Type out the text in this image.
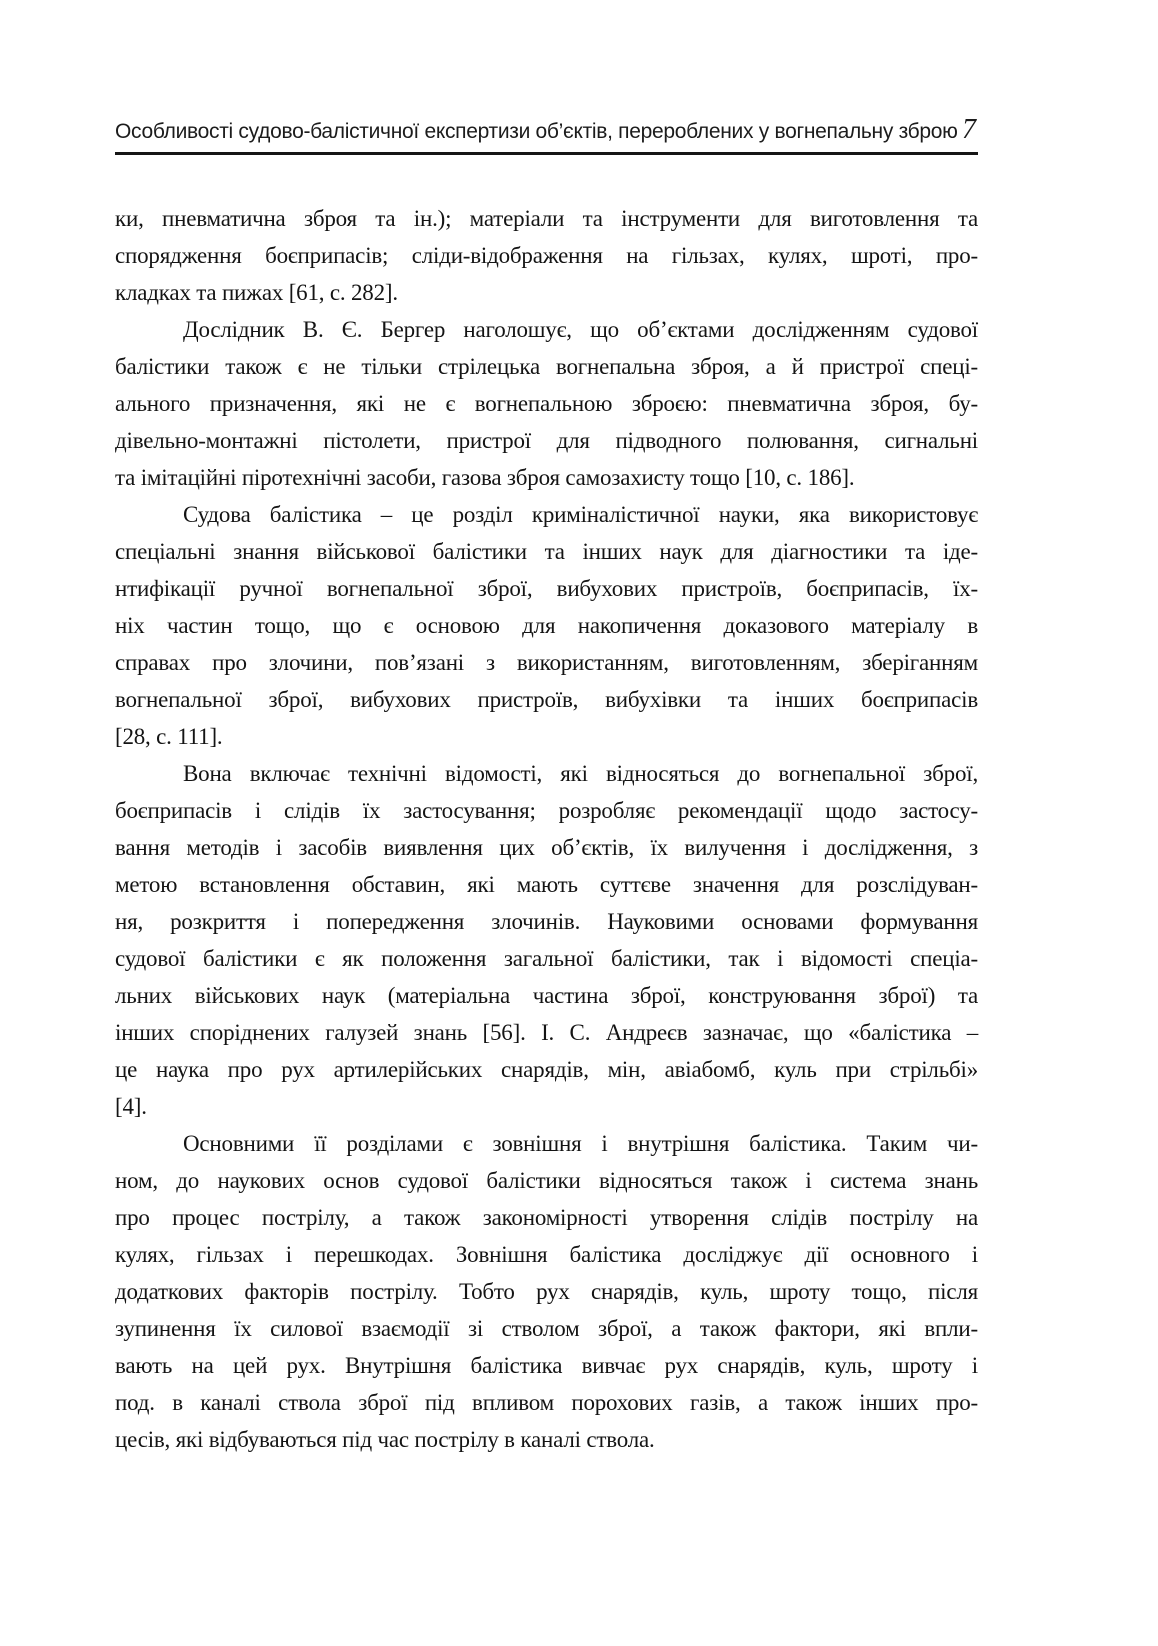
Особливості судово-балістичної експертизи об’єктів, перероблених у вогнепальну зброю 7
ки, пневматична зброя та ін.); матеріали та інструменти для виготовлення та
спорядження боєприпасів; сліди-відображення на гільзах, кулях, шроті, про-
кладках та пижах [61, с. 282].
Дослідник В. Є. Бергер наголошує, що об’єктами дослідженням судової
балістики також є не тільки стрілецька вогнепальна зброя, а й пристрої спеці-
ального призначення, які не є вогнепальною зброєю: пневматична зброя, бу-
дівельно-монтажні пістолети, пристрої для підводного полювання, сигнальні
та імітаційні піротехнічні засоби, газова зброя самозахисту тощо [10, с. 186].
Судова балістика – це розділ криміналістичної науки, яка використовує
спеціальні знання військової балістики та інших наук для діагностики та іде-
нтифікації ручної вогнепальної зброї, вибухових пристроїв, боєприпасів, їх-
ніх частин тощо, що є основою для накопичення доказового матеріалу в
справах про злочини, пов’язані з використанням, виготовленням, зберіганням
вогнепальної зброї, вибухових пристроїв, вибухівки та інших боєприпасів
[28, с. 111].
Вона включає технічні відомості, які відносяться до вогнепальної зброї,
боєприпасів і слідів їх застосування; розробляє рекомендації щодо застосу-
вання методів і засобів виявлення цих об’єктів, їх вилучення і дослідження, з
метою встановлення обставин, які мають суттєве значення для розслідуван-
ня, розкриття і попередження злочинів. Науковими основами формування
судової балістики є як положення загальної балістики, так і відомості спеціа-
льних військових наук (матеріальна частина зброї, конструювання зброї) та
інших споріднених галузей знань [56]. І. С. Андреєв зазначає, що «балістика –
це наука про рух артилерійських снарядів, мін, авіабомб, куль при стрільбі»
[4].
Основними її розділами є зовнішня і внутрішня балістика. Таким чи-
ном, до наукових основ судової балістики відносяться також і система знань
про процес пострілу, а також закономірності утворення слідів пострілу на
кулях, гільзах і перешкодах. Зовнішня балістика досліджує дії основного і
додаткових факторів пострілу. Тобто рух снарядів, куль, шроту тощо, після
зупинення їх силової взаємодії зі стволом зброї, а також фактори, які впли-
вають на цей рух. Внутрішня балістика вивчає рух снарядів, куль, шроту і
под. в каналі ствола зброї під впливом порохових газів, а також інших про-
цесів, які відбуваються під час пострілу в каналі ствола.
